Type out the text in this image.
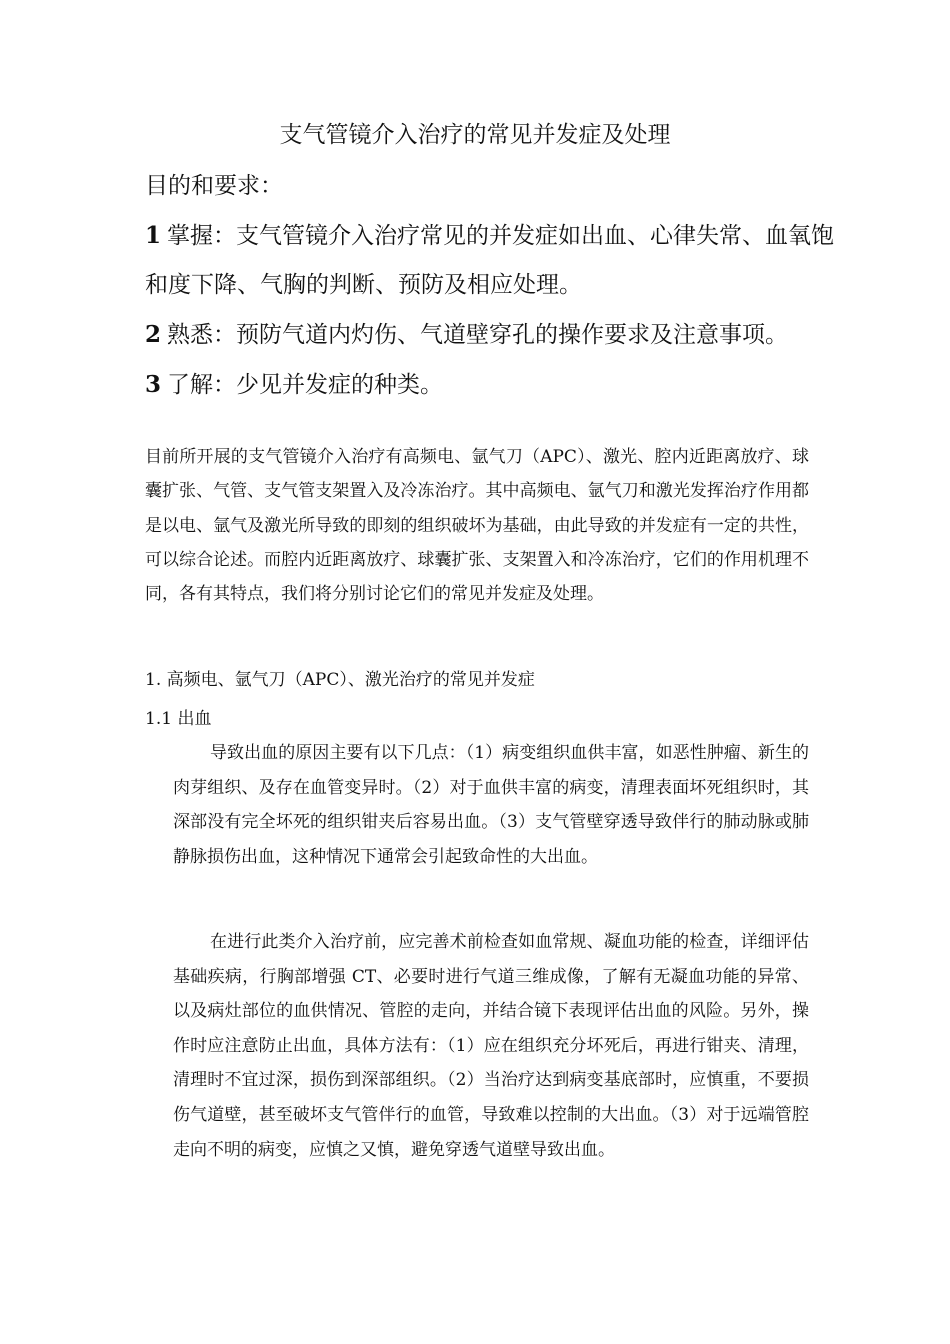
支气管镜介入治疗的常见并发症及处理
目的和要求：
1 掌握：支气管镜介入治疗常见的并发症如出血、心律失常、血氧饱
和度下降、气胸的判断、预防及相应处理。
2 熟悉：预防气道内灼伤、气道壁穿孔的操作要求及注意事项。
3 了解：少见并发症的种类。
目前所开展的支气管镜介入治疗有高频电、氩气刀（APC）、激光、腔内近距离放疗、球囊扩张、气管、支气管支架置入及冷冻治疗。其中高频电、氩气刀和激光发挥治疗作用都是以电、氩气及激光所导致的即刻的组织破坏为基础，由此导致的并发症有一定的共性，可以综合论述。而腔内近距离放疗、球囊扩张、支架置入和冷冻治疗，它们的作用机理不同，各有其特点，我们将分别讨论它们的常见并发症及处理。
1. 高频电、氩气刀（APC）、激光治疗的常见并发症
1.1 出血
导致出血的原因主要有以下几点：（1）病变组织血供丰富，如恶性肿瘤、新生的肉芽组织、及存在血管变异时。（2）对于血供丰富的病变，清理表面坏死组织时，其深部没有完全坏死的组织钳夹后容易出血。（3）支气管壁穿透导致伴行的肺动脉或肺静脉损伤出血，这种情况下通常会引起致命性的大出血。
在进行此类介入治疗前，应完善术前检查如血常规、凝血功能的检查，详细评估基础疾病，行胸部增强 CT、必要时进行气道三维成像，了解有无凝血功能的异常、以及病灶部位的血供情况、管腔的走向，并结合镜下表现评估出血的风险。另外，操作时应注意防止出血，具体方法有：（1）应在组织充分坏死后，再进行钳夹、清理，清理时不宜过深，损伤到深部组织。（2）当治疗达到病变基底部时，应慎重，不要损伤气道壁，甚至破坏支气管伴行的血管，导致难以控制的大出血。（3）对于远端管腔走向不明的病变，应慎之又慎，避免穿透气道壁导致出血。
